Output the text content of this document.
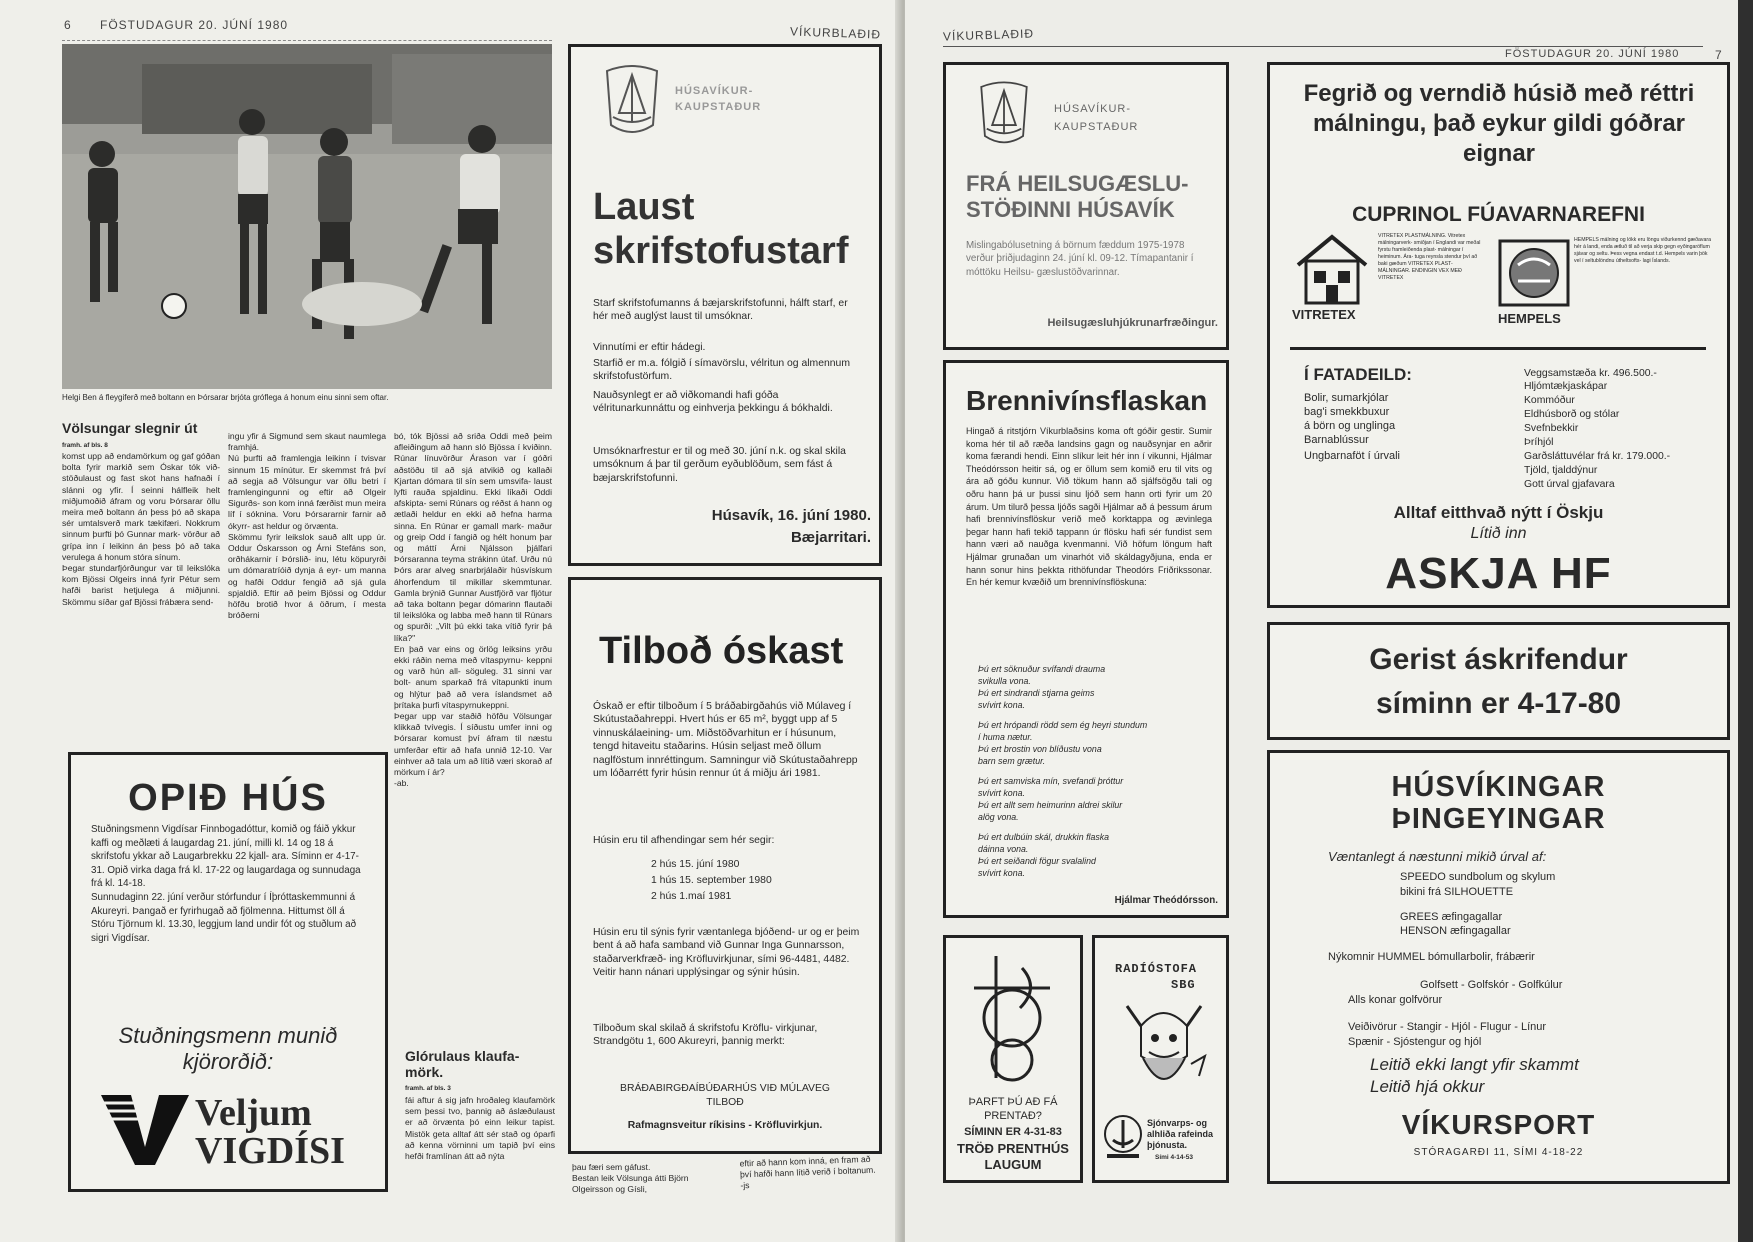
6 FÖSTUDAGUR 20. JÚNÍ 1980	VÍKURBLAÐIÐ
Helgi Ben á fleygiferð með boltann en Þórsarar brjóta gróflega á honum einu sinni sem oftar.
Völsungar slegnir út
framh. af bls. 8
komst upp að endamörkum og gaf góðan bolta fyrir markið sem Óskar tók við- stöðulaust og fast skot hans hafnaði í slánni og yfir. Í seinni hálfleik helt miðjumoðið áfram og voru Þórsarar öllu meira með boltann án þess þó að skapa sér umtalsverð mark tækifæri. Nokkrum sinnum þurfti þó Gunnar mark- vörður að grípa inn í leikinn án þess þó að taka verulega á honum stóra sínum.
Þegar stundarfjórðungur var til leikslóka kom Bjössi Olgeirs inná fyrir Pétur sem hafði barist hetjulega á miðjunni. Skömmu síðar gaf Bjössi frábæra send-
ingu yfir á Sigmund sem skaut naumlega framhjá.
Nú þurfti að framlengja leikinn í tvisvar sinnum 15 mínútur. Er skemmst frá því að segja að Völsungur var öllu betri í framlengingunni og eftir að Olgeir Sigurðs- son kom inná færðist mun meira líf í sóknina. Voru Þórsararnir farnir að ókyrr- ast heldur og örvænta.
Skömmu fyrir leikslok sauð allt upp úr. Oddur Óskarsson og Árni Stefáns son, orðhákarnir í Þórslið- inu, létu köpuryrði um dómaratríóið dynja á eyr- um manna og hafði Oddur fengið að sjá gula spjaldið. Eftir að þeim Bjössi og Oddur höfðu brotið hvor á öðrum, í mesta bróðerni
bó, tók Bjössi að sriða Oddi með þeim afleiðingum að hann sló Bjössa í kviðinn. Rúnar línuvörður Árason var í góðri aðstöðu til að sjá atvikið og kallaði Kjartan dómara til sín sem umsvifa- laust lyfti rauða spjaldinu. Ekki líkaði Oddi afskipta- semi Rúnars og réðst á hann og ætlaði heldur en ekki að hefna harma sinna. En Rúnar er gamall mark- maður og greip Odd í fangið og hélt honum þar og máttí Árni Njálsson þjálfari Þórsaranna teyma strákinn útaf. Urðu nú Þórs arar alveg snarbrjálaðir húsvískum áhorfendum til mikillar skemmtunar. Gamla brýnið Gunnar Austfjörð var fljótur að taka boltann þegar dómarinn flautaði til leikslóka og labba með hann til Rúnars og spurði: „Vilt þú ekki taka vítið fyrir þá líka?"
En það var eins og örlög leiksins yrðu ekki ráðin nema með vítaspyrnu- keppni og varð hún all- söguleg. 31 sinni var bolt- anum sparkað frá vítapunkti inum og hlýtur það að vera íslandsmet að þrítaka þurfi vítaspyrnukeppni.
Þegar upp var staðið höfðu Völsungar klikkað tvívegis. Í síðustu umfer inni og Þórsarar komust því áfram til næstu umferðar eftir að hafa unnið 12-10. Var einhver að tala um að lítið væri skorað af mörkum í ár?
-ab.
OPIÐ HÚS
Stuðningsmenn Vigdísar Finnbogadóttur, komið og fáið ykkur kaffi og meðlæti á laugardag 21. júní, milli kl. 14 og 18 á skrifstofu ykkar að Laugarbrekku 22 kjall- ara. Síminn er 4-17-31. Opið virka daga frá kl. 17-22 og laugardaga og sunnudaga frá kl. 14-18.
Sunnudaginn 22. júní verður stórfundur í Íþróttaskemmunni á Akureyri. Þangað er fyrirhugað að fjölmenna. Hittumst öll á Stóru Tjörnum kl. 13.30, leggjum land undir fót og stuðlum að sigri Vigdísar.
Stuðningsmenn munið
kjörorðið:
Veljum
VIGDÍSI
Glórulaus klaufa- mörk.
framh. af bls. 3
fái aftur á sig jafn hroðaleg klaufamörk sem þessi tvo, þannig að áslæðulaust er að örvænta þó einn leikur tapist. Mistök geta alltaf átt sér stað og óparfi að kenna vörninni um tapið því eins hefði framlínan átt að nýta
HÚSAVÍKUR-
KAUPSTAÐUR
Laust skrifstofustarf
Starf skrifstofumanns á bæjarskrifstofunni, hálft starf, er hér með auglýst laust til umsóknar.
Vinnutími er eftir hádegi.
Starfið er m.a. fólgið í símavörslu, vélritun og almennum skrifstofustörfum.
Nauðsynlegt er að viðkomandi hafi góða vélritunarkunnáttu og einhverja þekkingu á bókhaldi.
Umsóknarfrestur er til og með 30. júní n.k. og skal skila umsóknum á þar til gerðum eyðublöðum, sem fást á bæjarskrifstofunni.
Húsavík, 16. júní 1980.
Bæjarritari.
Tilboð óskast
Óskað er eftir tilboðum í 5 bráðabirgðahús við Múlaveg í Skútustaðahreppi. Hvert hús er 65 m², byggt upp af 5 vinnuskálaeining- um. Miðstöðvarhitun er í húsunum, tengd hitaveitu staðarins. Húsin seljast með öllum naglföstum innréttingum. Samningur við Skútustaðahrepp um lóðarrétt fyrir húsin rennur út á miðju ári 1981.
Húsin eru til afhendingar sem hér segir:
2 hús 15. júní 1980
1 hús 15. september 1980
2 hús 1.maí 1981
Húsin eru til sýnis fyrir væntanlega bjóðend- ur og er þeim bent á að hafa samband við Gunnar Inga Gunnarsson, staðarverkfræð- ing Kröfluvirkjunar, sími 96-4481, 4482. Veitir hann nánari upplýsingar og sýnir húsin.
Tilboðum skal skilað á skrifstofu Kröflu- virkjunar, Strandgötu 1, 600 Akureyri, þannig merkt:
BRÁÐABIRGÐAÍBÚÐARHÚS VIÐ MÚLAVEG
TILBOÐ
Rafmagnsveitur ríkisins - Kröfluvirkjun.
þau færi sem gáfust.
Bestan leik Völsunga átti Björn Olgeirsson og Gísli,
eftir að hann kom inná, en fram að því hafði hann lítið verið í boltanum.
-js
VÍKURBLAÐIÐ
FÖSTUDAGUR 20. JÚNÍ 1980	7
HÚSAVÍKUR-
KAUPSTAÐUR
FRÁ HEILSUGÆSLU-
STÖÐINNI HÚSAVÍK
Mislingabólusetning á börnum fæddum 1975-1978 verður þriðjudaginn 24. júní kl. 09-12. Tímapantanir í móttöku Heilsu- gæslustöðvarinnar.
Heilsugæsluhjúkrunarfræðingur.
Brennivínsflaskan
Hingað á ritstjórn Víkurblaðsins koma oft góðir gestir. Sumir koma hér til að ræða landsins gagn og nauðsynjar en aðrir koma færandi hendi. Einn slíkur leit hér inn í vikunni, Hjálmar Theódórsson heitir sá, og er öllum sem komið eru til vits og ára að góðu kunnur. Við tökum hann að sjálfsögðu tali og oðru hann þá ur þussi sinu ljóð sem hann orti fyrir um 20 árum. Um tilurð þessa ljóðs sagði Hjálmar að á þessum árum hafi brennivínsflöskur verið með korktappa og ævinlega þegar hann hafi tekið tappann úr flösku hafi sér fundist sem hann væri að nauðga kvenmanni. Við höfum löngum haft Hjálmar grunaðan um vinarhót við skáldagyðjuna, enda er hann sonur hins þekkta rithöfundar Theodórs Friðrikssonar. En hér kemur kvæðið um brennivínsflöskuna:
Þú ert söknuður svífandi drauma
svikulla vona.
Þú ert sindrandi stjarna geims
svívirt kona.
Þú ert hrópandi rödd sem ég heyri stundum
í huma nætur.
Þú ert brostin von blíðustu vona
barn sem grætur.
Þú ert samviska mín, svefandi þróttur
svívirt kona.
Þú ert allt sem heimurinn aldrei skilur
alög vona.
Þú ert dulbúin skál, drukkin flaska
dáinna vona.
Þú ert seiðandi fögur svalalind
svívirt kona.
Hjálmar Theódórsson.
ÞARFT ÞÚ AÐ FÁ
PRENTAÐ?
SÍMINN ER 4-31-83
TRÖÐ PRENTHÚS
LAUGUM
RADÍÓSTOFA
SBG
Sjónvarps- og
alhliða rafeinda
þjónusta.
Sími 4-14-53
Fegrið og verndið húsið með réttri málningu, það eykur gildi góðrar eignar
CUPRINOL FÚAVARNAREFNI
VITRETEX
VITRETEX PLASTMÁLNING. Vitretex málningarverk- smiðjan í Englandi var meðal fyrstu framleiðenda plast- málningar í heiminum. Ára- tuga reynsla stendur því að baki gæðum VITRETEX PLAST- MÁLNINGAR. ENDINGIN VEX MEÐ VITRETEX
HEMPELS
HEMPELS málning og lökk eru löngu viðurkennd gæðavara hér á landi, enda ætluð til að verja skip gegn eyðingaröflum sjávar og seltu. Þess vegna endast t.d. Hempels varin þök vel í seltublöndnu útheltsofts- lagi Íslands.
Í FATADEILD:
Bolir, sumarkjólar
bag'i smekkbuxur
á börn og unglinga
Barnablússur
Ungbarnaföt í úrvali
Veggsamstæða kr. 496.500.-
Hljómtækjaskápar
Kommóður
Eldhúsborð og stólar
Svefnbekkir
Þríhjól
Garðsláttuvélar frá kr. 179.000.-
Tjöld, tjalddýnur
Gott úrval gjafavara
Alltaf eitthvað nýtt í Öskju
Lítið inn
ASKJA HF
Gerist áskrifendur
síminn er 4-17-80
HÚSVÍKINGAR
ÞINGEYINGAR
Væntanlegt á næstunni mikið úrval af:
SPEEDO sundbolum og skylum
bikini frá SILHOUETTE
GREES æfingagallar
HENSON æfingagallar
Nýkomnir HUMMEL bómullarbolir, frábærir
Golfsett - Golfskór - Golfkúlur
Alls konar golfvörur
Veiðivörur - Stangir - Hjól - Flugur - Línur
Spænir - Sjóstengur og hjól
Leitið ekki langt yfir skammt
Leitið hjá okkur
VÍKURSPORT
STÓRAGARÐI 11, SÍMI 4-18-22
